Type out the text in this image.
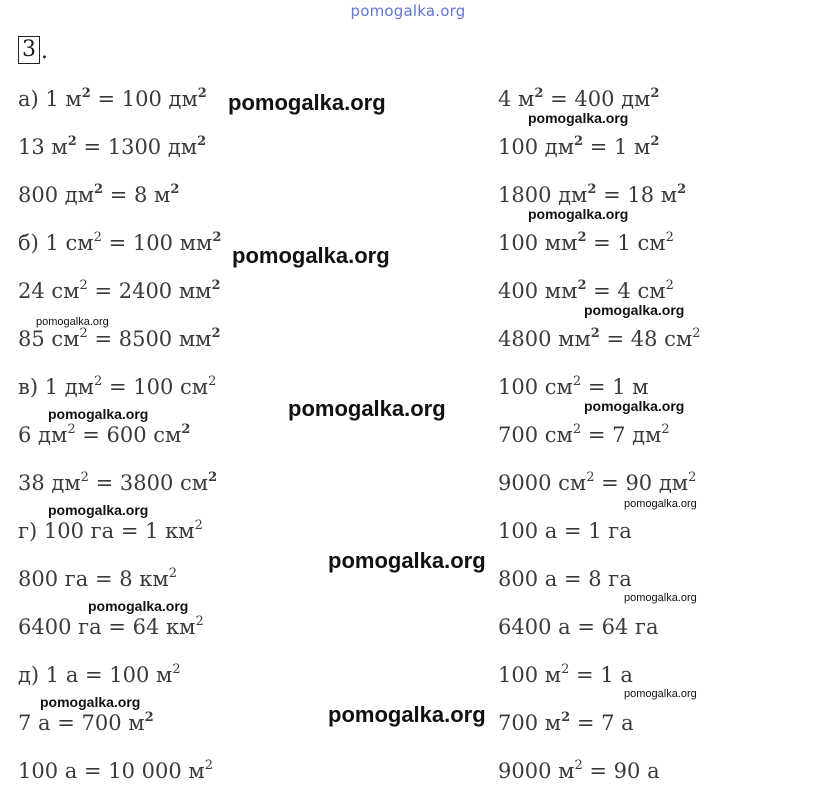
pomogalka.org
3 .
а) 1 $м^2 = 100$ $дм^2$
13 $м^2 = 1300$ $дм^2$
800 $дм^2 = 8$ $м^2$
б) 1 $см^2 = 100$ $мм^2$
24 $см^2 = 2400$ $мм^2$
85 $см^2 = 8500$ $мм^2$
в) 1 $дм^2 = 100$ $см^2$
6 $дм^2 = 600$ $см^2$
38 $дм^2 = 3800$ $см^2$
г) 100 га = 1 $км^2$
800 га = 8 $км^2$
6400 га = 64 $км^2$
д) 1 а = 100 $м^2$
7 а = 700 $м^2$
100 а = 10 000 $м^2$
4 $м^2 = 400$ $дм^2$
100 $дм^2 = 1$ $м^2$
1800 $дм^2 = 18$ $м^2$
100 $мм^2 = 1$ $см^2$
400 $мм^2 = 4$ $см^2$
4800 $мм^2 = 48$ $см^2$
100 $см^2 = 1$ м
700 $см^2 = 7$ $дм^2$
9000 $см^2 = 90$ $дм^2$
100 а = 1 га
800 а = 8 га
6400 а = 64 га
100 $м^2 = 1$ а
700 $м^2 = 7$ а
9000 $м^2 = 90$ а
pomogalka.org
pomogalka.org
pomogalka.org
pomogalka.org
pomogalka.org
pomogalka.org
pomogalka.org
pomogalka.org	pomogalka.org
pomogalka.org	pomogalka.org
pomogalka.org
pomogalka.org	pomogalka.org
pomogalka.org	pomogalka.org
pomogalka.org
